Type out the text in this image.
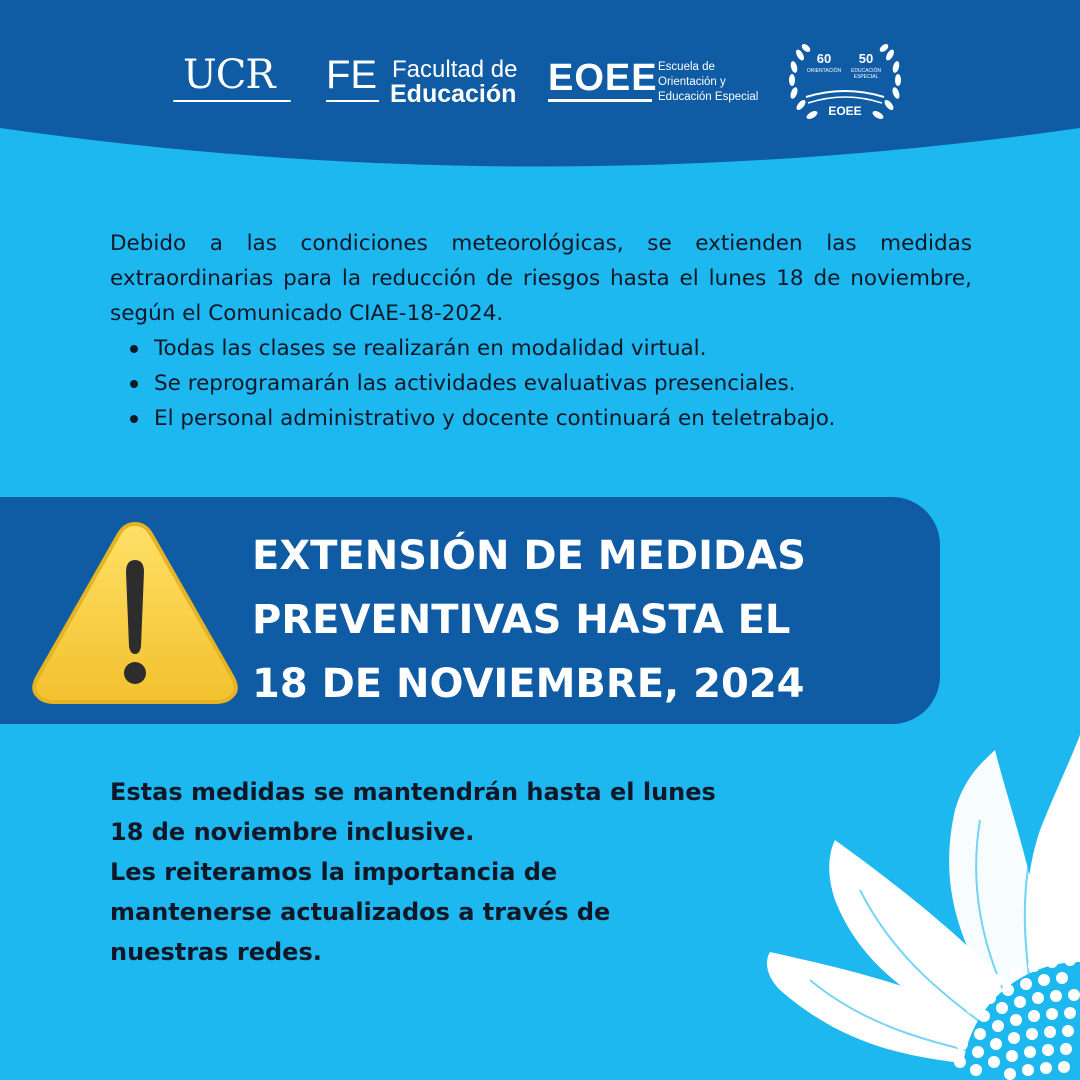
UCR FE Facultad de
Educación EOEE Escuela de
Orientación y
Educación Especial
60
ORIENTACIÓN
50
EDUCACIÓN
ESPECIAL
EOEE

Debido a las condiciones meteorológicas, se extienden las medidas extraordinarias para la reducción de riesgos hasta el lunes 18 de noviembre, según el Comunicado CIAE-18-2024.

Todas las clases se realizarán en modalidad virtual.
Se reprogramarán las actividades evaluativas presenciales.
El personal administrativo y docente continuará en teletrabajo.
EXTENSIÓN DE MEDIDAS
PREVENTIVAS HASTA EL
18 DE NOVIEMBRE, 2024
Estas medidas se mantendrán hasta el lunes
18 de noviembre inclusive.
Les reiteramos la importancia de
mantenerse actualizados a través de
nuestras redes.
